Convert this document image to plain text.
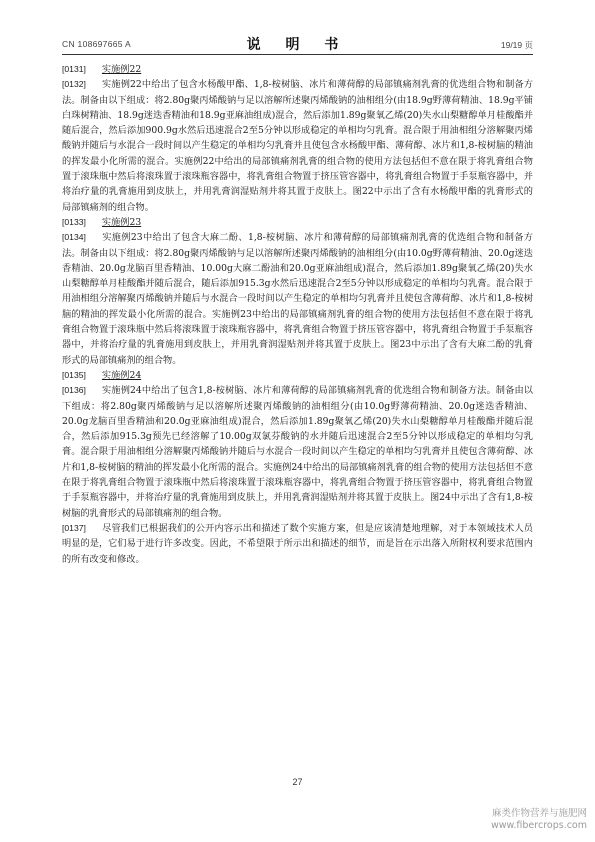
CN 108697665 A	说 明 书	19/19 页

[0131] 实施例22

[0132] 实施例22中给出了包含水杨酸甲酯、1,8-桉树脑、冰片和薄荷醇的局部镇痛剂乳膏的优选组合物和制备方法。制备由以下组成：将2.80g聚丙烯酸钠与足以溶解所述聚丙烯酸钠的油相组分(由18.9g野薄荷精油、18.9g平铺白珠树精油、18.9g迷迭香精油和18.9g亚麻油组成)混合，然后添加1.89g聚氧乙烯(20)失水山梨糖醇单月桂酸酯并随后混合，然后添加900.9g水然后迅速混合2至5分钟以形成稳定的单相均匀乳膏。混合限于用油相组分溶解聚丙烯酸钠并随后与水混合一段时间以产生稳定的单相均匀乳膏并且使包含水杨酸甲酯、薄荷醇、冰片和1,8-桉树脑的精油的挥发最小化所需的混合。实施例22中给出的局部镇痛剂乳膏的组合物的使用方法包括但不意在限于将乳膏组合物置于滚珠瓶中然后将滚珠置于滚珠瓶容器中，将乳膏组合物置于挤压管容器中，将乳膏组合物置于手泵瓶容器中，并将治疗量的乳膏施用到皮肤上，并用乳膏润湿贴剂并将其置于皮肤上。图22中示出了含有水杨酸甲酯的乳膏形式的局部镇痛剂的组合物。

[0133] 实施例23

[0134] 实施例23中给出了包含大麻二酚、1,8-桉树脑、冰片和薄荷醇的局部镇痛剂乳膏的优选组合物和制备方法。制备由以下组成：将2.80g聚丙烯酸钠与足以溶解所述聚丙烯酸钠的油相组分(由10.0g野薄荷精油、20.0g迷迭香精油、20.0g龙脑百里香精油、10.00g大麻二酚油和20.0g亚麻油组成)混合，然后添加1.89g聚氧乙烯(20)失水山梨糖醇单月桂酸酯并随后混合，随后添加915.3g水然后迅速混合2至5分钟以形成稳定的单相均匀乳膏。混合限于用油相组分溶解聚丙烯酸钠并随后与水混合一段时间以产生稳定的单相均匀乳膏并且使包含薄荷醇、冰片和1,8-桉树脑的精油的挥发最小化所需的混合。实施例23中给出的局部镇痛剂乳膏的组合物的使用方法包括但不意在限于将乳膏组合物置于滚珠瓶中然后将滚珠置于滚珠瓶容器中，将乳膏组合物置于挤压管容器中，将乳膏组合物置于手泵瓶容器中，并将治疗量的乳膏施用到皮肤上，并用乳膏润湿贴剂并将其置于皮肤上。图23中示出了含有大麻二酚的乳膏形式的局部镇痛剂的组合物。

[0135] 实施例24

[0136] 实施例24中给出了包含1,8-桉树脑、冰片和薄荷醇的局部镇痛剂乳膏的优选组合物和制备方法。制备由以下组成：将2.80g聚丙烯酸钠与足以溶解所述聚丙烯酸钠的油相组分(由10.0g野薄荷精油、20.0g迷迭香精油、20.0g龙脑百里香精油和20.0g亚麻油组成)混合，然后添加1.89g聚氧乙烯(20)失水山梨糖醇单月桂酸酯并随后混合，然后添加915.3g预先已经溶解了10.00g双氯芬酸钠的水并随后迅速混合2至5分钟以形成稳定的单相均匀乳膏。混合限于用油相组分溶解聚丙烯酸钠并随后与水混合一段时间以产生稳定的单相均匀乳膏并且使包含薄荷醇、冰片和1,8-桉树脑的精油的挥发最小化所需的混合。实施例24中给出的局部镇痛剂乳膏的组合物的使用方法包括但不意在限于将乳膏组合物置于滚珠瓶中然后将滚珠置于滚珠瓶容器中，将乳膏组合物置于挤压管容器中，将乳膏组合物置于手泵瓶容器中，并将治疗量的乳膏施用到皮肤上，并用乳膏润湿贴剂并将其置于皮肤上。图24中示出了含有1,8-桉树脑的乳膏形式的局部镇痛剂的组合物。

[0137] 尽管我们已根据我们的公开内容示出和描述了数个实施方案，但是应该清楚地理解，对于本领域技术人员明显的是，它们易于进行许多改变。因此，不希望限于所示出和描述的细节，而是旨在示出落入所附权利要求范围内的所有改变和修改。

27
麻类作物营养与施肥网
www.fibercrops.com
